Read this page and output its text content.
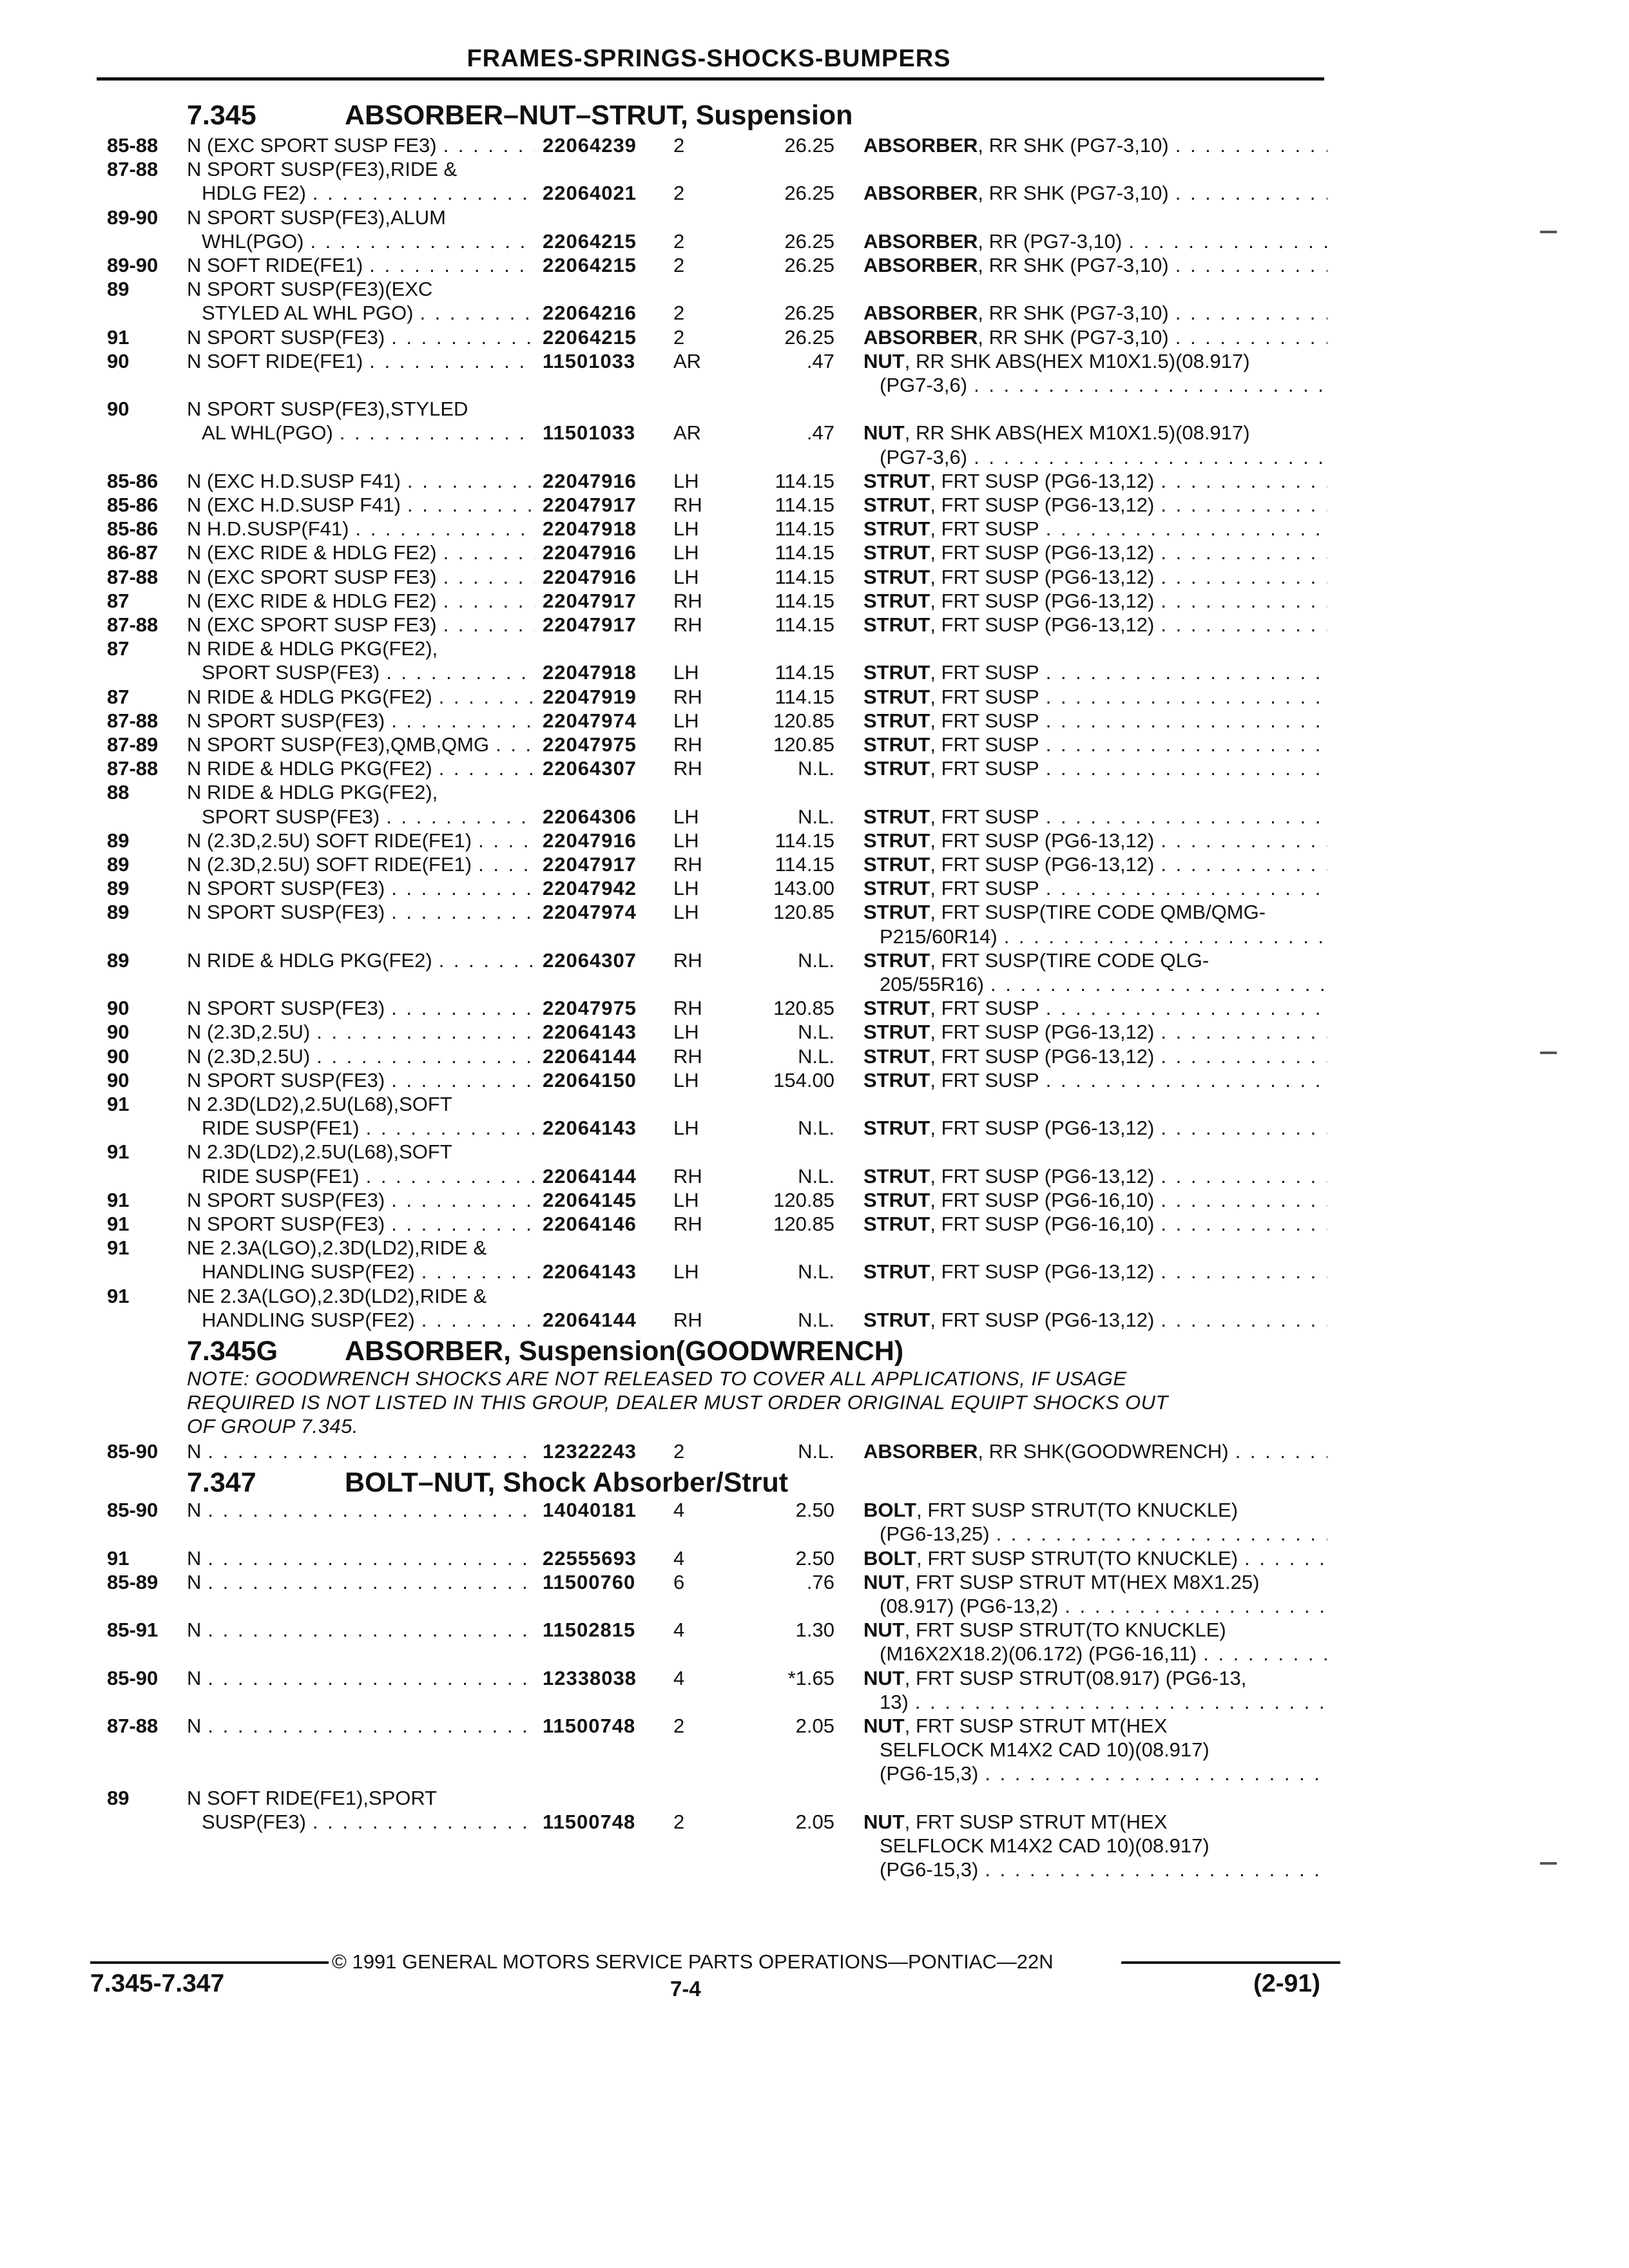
FRAMES-SPRINGS-SHOCKS-BUMPERS
7.345	ABSORBER–NUT–STRUT, Suspension
85-88 N (EXC SPORT SUSP FE3) . . .	22064239 2	26.25 ABSORBER, RR SHK (PG7-3,10)
. . .
87-88 N SPORT SUSP(FE3),RIDE &
HDLG FE2) . . .	22064021 2	26.25 ABSORBER, RR SHK (PG7-3,10)
. . .
89-90 N SPORT SUSP(FE3),ALUM
WHL(PGO) . . .	22064215 2	26.25 ABSORBER, RR (PG7-3,10)
. . .
89-90 N SOFT RIDE(FE1) . . .	22064215 2	26.25 ABSORBER, RR SHK (PG7-3,10)
. . .
89	N SPORT SUSP(FE3)(EXC
STYLED AL WHL PGO) . . .	22064216 2	26.25 ABSORBER, RR SHK (PG7-3,10)
. . .
91	N SPORT SUSP(FE3) . . .	22064215 2	26.25 ABSORBER, RR SHK (PG7-3,10)
. . .
90	N SOFT RIDE(FE1) . . .	11501033 AR	.47 NUT, RR SHK ABS(HEX M10X1.5)(08.917)
(PG7-3,6)
. . .
90	N SPORT SUSP(FE3),STYLED
AL WHL(PGO) . . .	11501033 AR	.47 NUT, RR SHK ABS(HEX M10X1.5)(08.917)
(PG7-3,6)
. . .
85-86 N (EXC H.D.SUSP F41) . . .	22047916 LH	114.15 STRUT, FRT SUSP (PG6-13,12)
. . .
85-86 N (EXC H.D.SUSP F41) . . .	22047917 RH	114.15 STRUT, FRT SUSP (PG6-13,12)
. . .
85-86 N H.D.SUSP(F41) . . .	22047918 LH	114.15 STRUT, FRT SUSP
. . .
86-87 N (EXC RIDE & HDLG FE2) . . .	22047916 LH	114.15 STRUT, FRT SUSP (PG6-13,12)
. . .
87-88 N (EXC SPORT SUSP FE3) . . .	22047916 LH	114.15 STRUT, FRT SUSP (PG6-13,12)
. . .
87	N (EXC RIDE & HDLG FE2) . . .	22047917 RH	114.15 STRUT, FRT SUSP (PG6-13,12)
. . .
87-88 N (EXC SPORT SUSP FE3) . . .	22047917 RH	114.15 STRUT, FRT SUSP (PG6-13,12)
. . .
87	N RIDE & HDLG PKG(FE2),
SPORT SUSP(FE3) . . .	22047918 LH	114.15 STRUT, FRT SUSP
. . .
87	N RIDE & HDLG PKG(FE2) . . .	22047919 RH	114.15 STRUT, FRT SUSP
. . .
87-88 N SPORT SUSP(FE3) . . .	22047974 LH	120.85 STRUT, FRT SUSP
. . .
87-89 N SPORT SUSP(FE3),QMB,QMG . . .	22047975 RH	120.85 STRUT, FRT SUSP
. . .
87-88 N RIDE & HDLG PKG(FE2) . . .	22064307 RH	N.L. STRUT, FRT SUSP
. . .
88	N RIDE & HDLG PKG(FE2),
SPORT SUSP(FE3) . . .	22064306 LH	N.L. STRUT, FRT SUSP
. . .
89	N (2.3D,2.5U) SOFT RIDE(FE1) . . .	22047916 LH	114.15 STRUT, FRT SUSP (PG6-13,12)
. . .
89	N (2.3D,2.5U) SOFT RIDE(FE1) . . .	22047917 RH	114.15 STRUT, FRT SUSP (PG6-13,12)
. . .
89	N SPORT SUSP(FE3) . . .	22047942 LH	143.00 STRUT, FRT SUSP
. . .
89	N SPORT SUSP(FE3) . . .	22047974 LH	120.85 STRUT, FRT SUSP(TIRE CODE QMB/QMG-
P215/60R14)
. . .
89	N RIDE & HDLG PKG(FE2) . . .	22064307 RH	N.L. STRUT, FRT SUSP(TIRE CODE QLG-
205/55R16)
. . .
90	N SPORT SUSP(FE3) . . .	22047975 RH	120.85 STRUT, FRT SUSP
. . .
90	N (2.3D,2.5U) . . .	22064143 LH	N.L. STRUT, FRT SUSP (PG6-13,12)
. . .
90	N (2.3D,2.5U) . . .	22064144 RH	N.L. STRUT, FRT SUSP (PG6-13,12)
. . .
90	N SPORT SUSP(FE3) . . .	22064150 LH	154.00 STRUT, FRT SUSP
. . .
91	N 2.3D(LD2),2.5U(L68),SOFT
RIDE SUSP(FE1) . . .	22064143 LH	N.L. STRUT, FRT SUSP (PG6-13,12)
. . .
91	N 2.3D(LD2),2.5U(L68),SOFT
RIDE SUSP(FE1) . . .	22064144 RH	N.L. STRUT, FRT SUSP (PG6-13,12)
. . .
91	N SPORT SUSP(FE3) . . .	22064145 LH	120.85 STRUT, FRT SUSP (PG6-16,10)
. . .
91	N SPORT SUSP(FE3) . . .	22064146 RH	120.85 STRUT, FRT SUSP (PG6-16,10)
. . .
91	NE 2.3A(LGO),2.3D(LD2),RIDE &
HANDLING SUSP(FE2) . . .	22064143 LH	N.L. STRUT, FRT SUSP (PG6-13,12)
. . .
91	NE 2.3A(LGO),2.3D(LD2),RIDE &
HANDLING SUSP(FE2) . . .	22064144 RH	N.L. STRUT, FRT SUSP (PG6-13,12)
. . .
7.345G ABSORBER, Suspension(GOODWRENCH)
NOTE: GOODWRENCH SHOCKS ARE NOT RELEASED TO COVER ALL APPLICATIONS, IF USAGE
REQUIRED IS NOT LISTED IN THIS GROUP, DEALER MUST ORDER ORIGINAL EQUIPT SHOCKS OUT
OF GROUP 7.345.
85-90 N . . .	12322243 2	N.L. ABSORBER, RR SHK(GOODWRENCH)
. . .
7.347	BOLT–NUT, Shock Absorber/Strut
85-90 N . . .	14040181 4	2.50 BOLT, FRT SUSP STRUT(TO KNUCKLE)
(PG6-13,25)
. . .
91	N . . .	22555693 4	2.50 BOLT, FRT SUSP STRUT(TO KNUCKLE)
. . .
85-89 N . . .	11500760 6	.76 NUT, FRT SUSP STRUT MT(HEX M8X1.25)
(08.917) (PG6-13,2)
. . .
85-91 N . . .	11502815 4	1.30 NUT, FRT SUSP STRUT(TO KNUCKLE)
(M16X2X18.2)(06.172) (PG6-16,11)
. . .
85-90 N . . .	12338038 4	*1.65 NUT, FRT SUSP STRUT(08.917) (PG6-13,
13)
. . .
87-88 N . . .	11500748 2	2.05 NUT, FRT SUSP STRUT MT(HEX
SELFLOCK M14X2 CAD 10)(08.917)
(PG6-15,3)
. . .
89	N SOFT RIDE(FE1),SPORT
SUSP(FE3) . . .	11500748 2	2.05 NUT, FRT SUSP STRUT MT(HEX
SELFLOCK M14X2 CAD 10)(08.917)
(PG6-15,3)
. . .
© 1991 GENERAL MOTORS SERVICE PARTS OPERATIONS—PONTIAC—22N
7.345-7.347	7-4	(2-91)
